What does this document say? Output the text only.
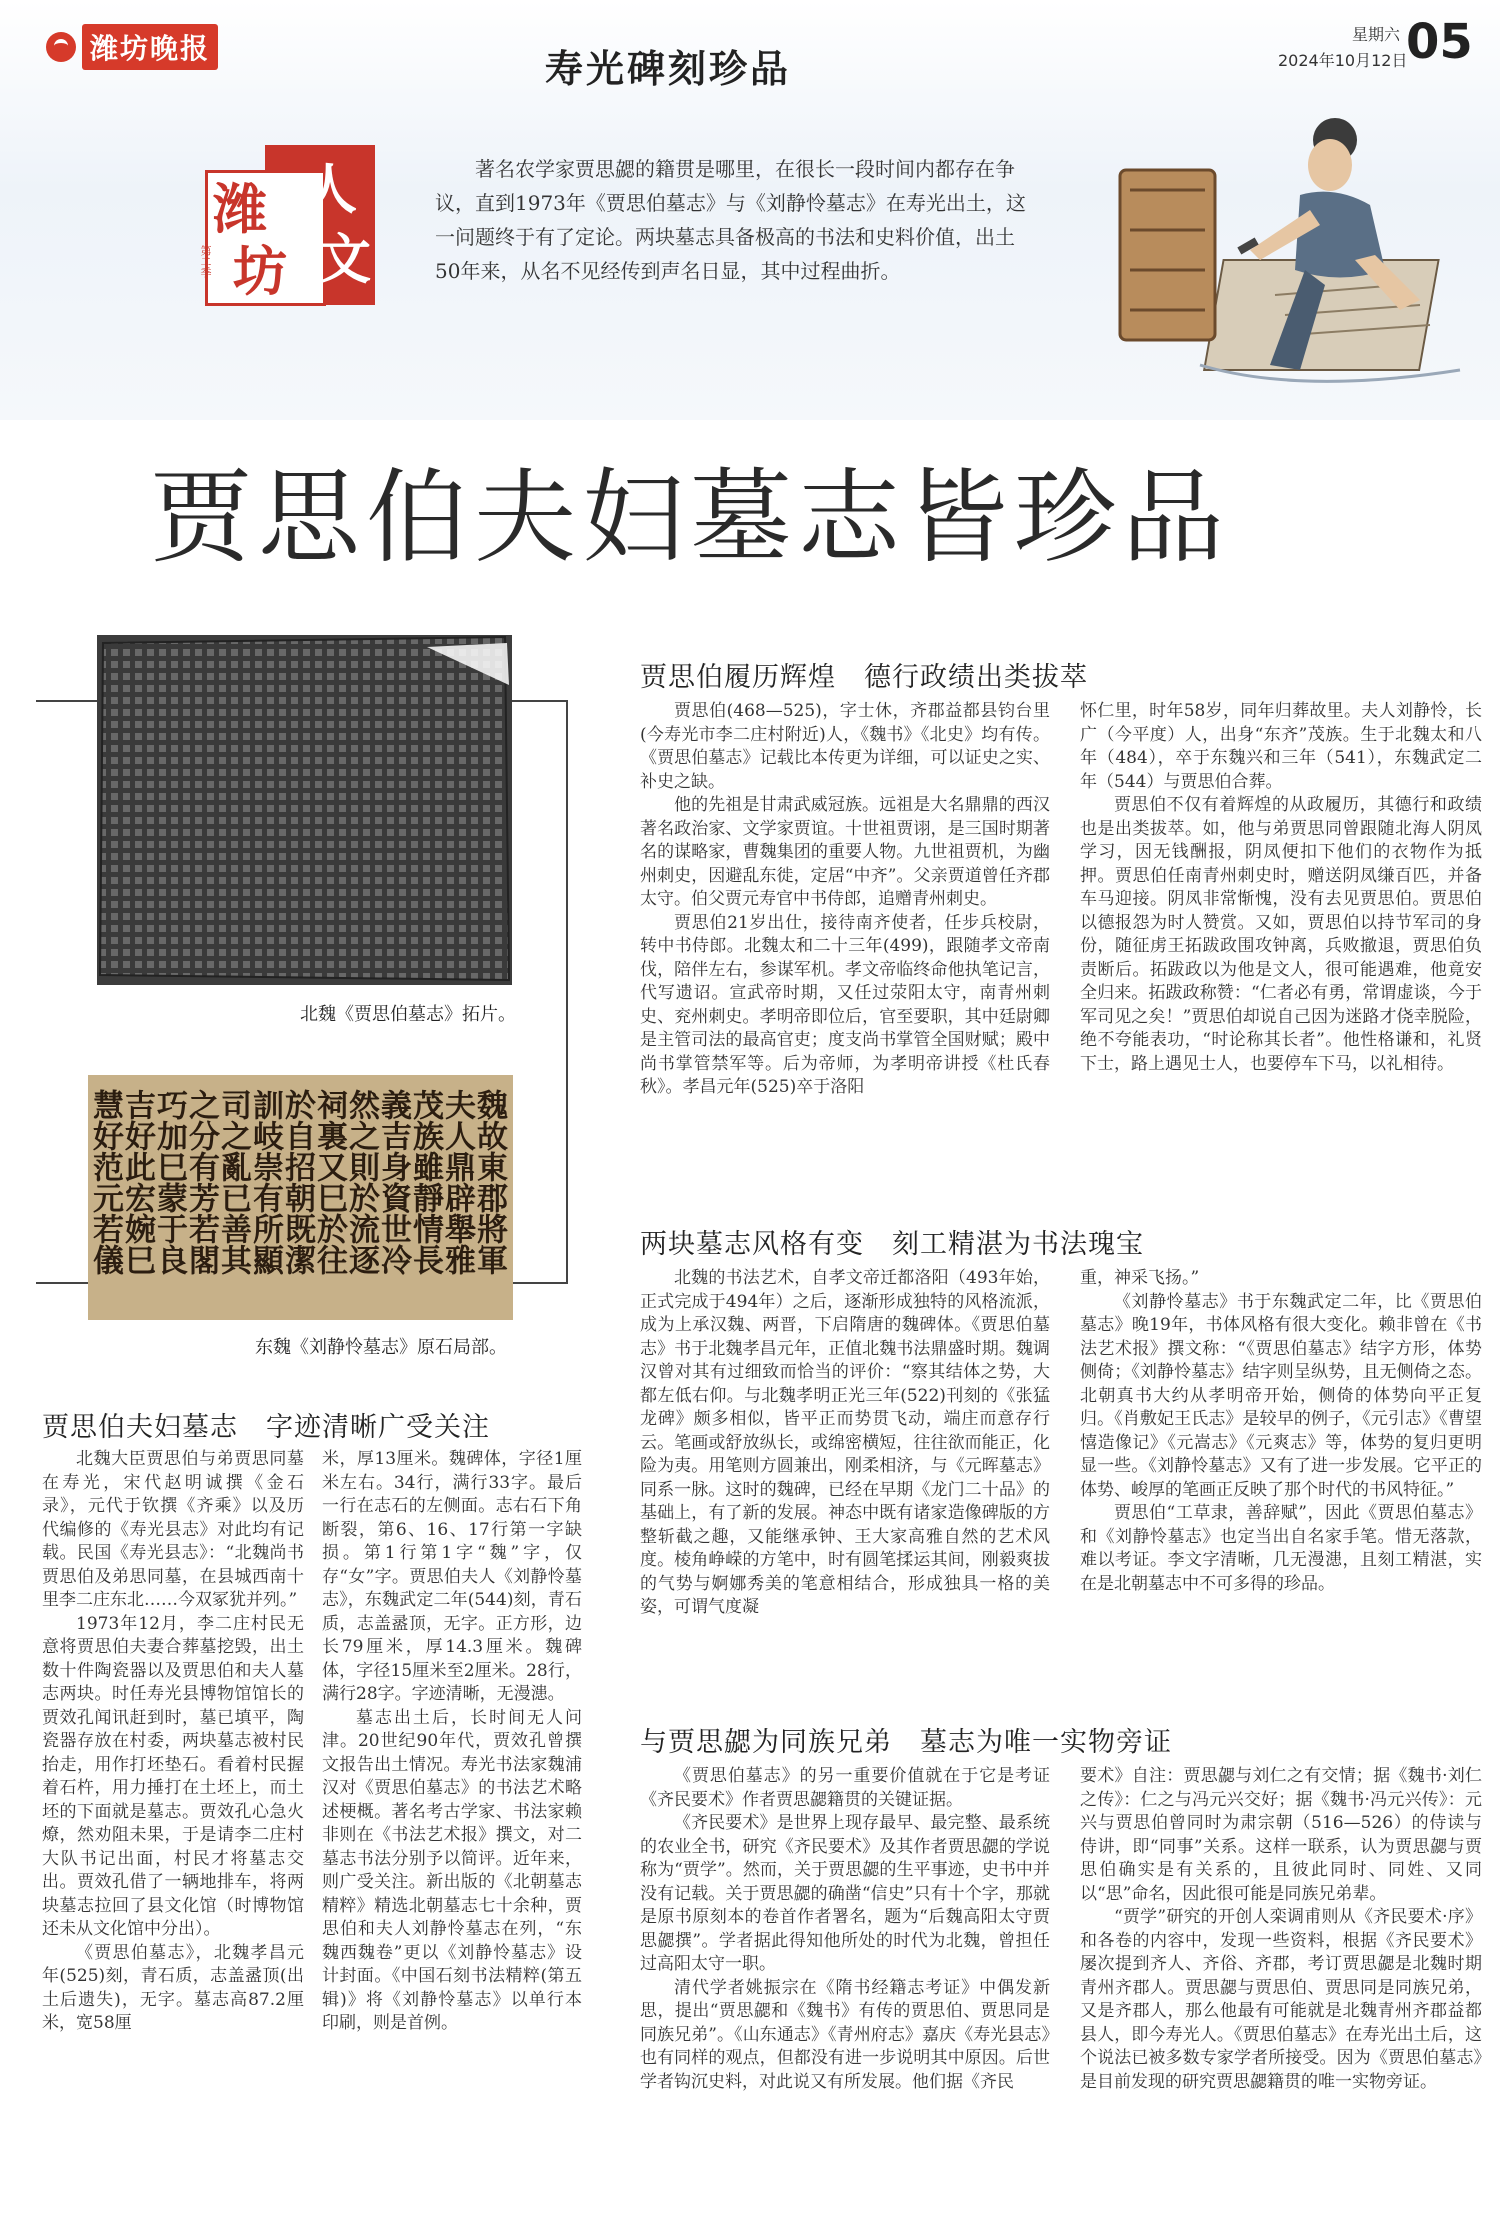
潍坊晚报	寿光碑刻珍品
星期六
2024年10月12日
05
潍 人
坊 文
第二季
著名农学家贾思勰的籍贯是哪里，在很长一段时间内都存在争议，直到1973年《贾思伯墓志》与《刘静怜墓志》在寿光出土，这一问题终于有了定论。两块墓志具备极高的书法和史料价值，出土50年来，从名不见经传到声名日显，其中过程曲折。
贾思伯夫妇墓志皆珍品
北魏《贾思伯墓志》拓片。
魏故東郡將軍
夫人鼎辟舉雅
茂族雖靜情長
義吉身資世冷
然之則於流逐
祠裏又巳於往
於自招朝既潔
訓岐崇有所顯
司之亂已善其
之分有芳若閣
巧加巳蒙于良
吉好此宏婉巳
慧好范元若儀
东魏《刘静怜墓志》原石局部。
贾思伯履历辉煌　德行政绩出类拔萃

贾思伯(468—525)，字士休，齐郡益都县钧台里(今寿光市李二庄村附近)人，《魏书》《北史》均有传。《贾思伯墓志》记载比本传更为详细，可以证史之实、补史之缺。

他的先祖是甘肃武威冠族。远祖是大名鼎鼎的西汉著名政治家、文学家贾谊。十世祖贾诩，是三国时期著名的谋略家，曹魏集团的重要人物。九世祖贾机，为幽州刺史，因避乱东徙，定居“中齐”。父亲贾道曾任齐郡太守。伯父贾元寿官中书侍郎，追赠青州刺史。

贾思伯21岁出仕，接待南齐使者，任步兵校尉，转中书侍郎。北魏太和二十三年(499)，跟随孝文帝南伐，陪伴左右，参谋军机。孝文帝临终命他执笔记言，代写遗诏。宣武帝时期，又任过荥阳太守，南青州刺史、兖州刺史。孝明帝即位后，官至要职，其中廷尉卿是主管司法的最高官吏；度支尚书掌管全国财赋；殿中尚书掌管禁军等。后为帝师，为孝明帝讲授《杜氏春秋》。孝昌元年(525)卒于洛阳

怀仁里，时年58岁，同年归葬故里。夫人刘静怜，长广（今平度）人，出身“东齐”茂族。生于北魏太和八年（484），卒于东魏兴和三年（541），东魏武定二年（544）与贾思伯合葬。

贾思伯不仅有着辉煌的从政履历，其德行和政绩也是出类拔萃。如，他与弟贾思同曾跟随北海人阴凤学习，因无钱酬报，阴凤便扣下他们的衣物作为抵押。贾思伯任南青州刺史时，赠送阴凤缣百匹，并备车马迎接。阴凤非常惭愧，没有去见贾思伯。贾思伯以德报怨为时人赞赏。又如，贾思伯以持节军司的身份，随征虏王拓跋政围攻钟离，兵败撤退，贾思伯负责断后。拓跋政以为他是文人，很可能遇难，他竟安全归来。拓跋政称赞：“仁者必有勇，常谓虚谈，今于军司见之矣！”贾思伯却说自己因为迷路才侥幸脱险，绝不夸能表功，“时论称其长者”。他性格谦和，礼贤下士，路上遇见士人，也要停车下马，以礼相待。

两块墓志风格有变　刻工精湛为书法瑰宝

北魏的书法艺术，自孝文帝迁都洛阳（493年始，正式完成于494年）之后，逐渐形成独特的风格流派，成为上承汉魏、两晋，下启隋唐的魏碑体。《贾思伯墓志》书于北魏孝昌元年，正值北魏书法鼎盛时期。魏调汉曾对其有过细致而恰当的评价：“察其结体之势，大都左低右仰。与北魏孝明正光三年(522)刊刻的《张猛龙碑》颇多相似，皆平正而势贯飞动，端庄而意存行云。笔画或舒放纵长，或绵密横短，往往欲而能正，化险为夷。用笔则方圆兼出，刚柔相济，与《元晖墓志》同系一脉。这时的魏碑，已经在早期《龙门二十品》的基础上，有了新的发展。神态中既有诸家造像碑版的方整斩截之趣，又能继承钟、王大家高雅自然的艺术风度。棱角峥嵘的方笔中，时有圆笔揉运其间，刚毅爽拔的气势与婀娜秀美的笔意相结合，形成独具一格的美姿，可谓气度凝

重，神采飞扬。”

《刘静怜墓志》书于东魏武定二年，比《贾思伯墓志》晚19年，书体风格有很大变化。赖非曾在《书法艺术报》撰文称：“《贾思伯墓志》结字方形，体势侧倚；《刘静怜墓志》结字则呈纵势，且无侧倚之态。北朝真书大约从孝明帝开始，侧倚的体势向平正复归。《肖敷妃王氏志》是较早的例子，《元引志》《曹望憘造像记》《元嵩志》《元爽志》等，体势的复归更明显一些。《刘静怜墓志》又有了进一步发展。它平正的体势、峻厚的笔画正反映了那个时代的书风特征。”

贾思伯“工草隶，善辞赋”，因此《贾思伯墓志》和《刘静怜墓志》也定当出自名家手笔。惜无落款，难以考证。李文字清晰，几无漫漶，且刻工精湛，实在是北朝墓志中不可多得的珍品。

贾思伯夫妇墓志　字迹清晰广受关注

北魏大臣贾思伯与弟贾思同墓在寿光，宋代赵明诚撰《金石录》，元代于钦撰《齐乘》以及历代编修的《寿光县志》对此均有记载。民国《寿光县志》：“北魏尚书贾思伯及弟思同墓，在县城西南十里李二庄东北……今双冢犹并列。”

1973年12月，李二庄村民无意将贾思伯夫妻合葬墓挖毁，出土数十件陶瓷器以及贾思伯和夫人墓志两块。时任寿光县博物馆馆长的贾效孔闻讯赶到时，墓已填平，陶瓷器存放在村委，两块墓志被村民抬走，用作打坯垫石。看着村民握着石杵，用力捶打在土坯上，而土坯的下面就是墓志。贾效孔心急火燎，然劝阻未果，于是请李二庄村大队书记出面，村民才将墓志交出。贾效孔借了一辆地排车，将两块墓志拉回了县文化馆（时博物馆还未从文化馆中分出）。

《贾思伯墓志》，北魏孝昌元年(525)刻，青石质，志盖盝顶(出土后遗失)，无字。墓志高87.2厘米，宽58厘

米，厚13厘米。魏碑体，字径1厘米左右。34行，满行33字。最后一行在志石的左侧面。志右石下角断裂，第6、16、17行第一字缺损。第1行第1字“魏”字，仅存“女”字。贾思伯夫人《刘静怜墓志》，东魏武定二年(544)刻，青石质，志盖盝顶，无字。正方形，边长79厘米，厚14.3厘米。魏碑体，字径15厘米至2厘米。28行，满行28字。字迹清晰，无漫漶。

墓志出土后，长时间无人问津。20世纪90年代，贾效孔曾撰文报告出土情况。寿光书法家魏浦汉对《贾思伯墓志》的书法艺术略述梗概。著名考古学家、书法家赖非则在《书法艺术报》撰文，对二墓志书法分别予以简评。近年来，则广受关注。新出版的《北朝墓志精粹》精选北朝墓志七十余种，贾思伯和夫人刘静怜墓志在列，“东魏西魏卷”更以《刘静怜墓志》设计封面。《中国石刻书法精粹(第五辑)》将《刘静怜墓志》以单行本印刷，则是首例。

与贾思勰为同族兄弟　墓志为唯一实物旁证

《贾思伯墓志》的另一重要价值就在于它是考证《齐民要术》作者贾思勰籍贯的关键证据。

《齐民要术》是世界上现存最早、最完整、最系统的农业全书，研究《齐民要术》及其作者贾思勰的学说称为“贾学”。然而，关于贾思勰的生平事迹，史书中并没有记载。关于贾思勰的确凿“信史”只有十个字，那就是原书原刻本的卷首作者署名，题为“后魏高阳太守贾思勰撰”。学者据此得知他所处的时代为北魏，曾担任过高阳太守一职。

清代学者姚振宗在《隋书经籍志考证》中偶发新思，提出“贾思勰和《魏书》有传的贾思伯、贾思同是同族兄弟”。《山东通志》《青州府志》嘉庆《寿光县志》也有同样的观点，但都没有进一步说明其中原因。后世学者钩沉史料，对此说又有所发展。他们据《齐民

要术》自注：贾思勰与刘仁之有交情；据《魏书·刘仁之传》：仁之与冯元兴交好；据《魏书·冯元兴传》：元兴与贾思伯曾同时为肃宗朝（516—526）的侍读与侍讲，即“同事”关系。这样一联系，认为贾思勰与贾思伯确实是有关系的，且彼此同时、同姓、又同以“思”命名，因此很可能是同族兄弟辈。

“贾学”研究的开创人栾调甫则从《齐民要术·序》和各卷的内容中，发现一些资料，根据《齐民要术》屡次提到齐人、齐俗、齐郡，考订贾思勰是北魏时期青州齐郡人。贾思勰与贾思伯、贾思同是同族兄弟，又是齐郡人，那么他最有可能就是北魏青州齐郡益都县人，即今寿光人。《贾思伯墓志》在寿光出土后，这个说法已被多数专家学者所接受。因为《贾思伯墓志》是目前发现的研究贾思勰籍贯的唯一实物旁证。
